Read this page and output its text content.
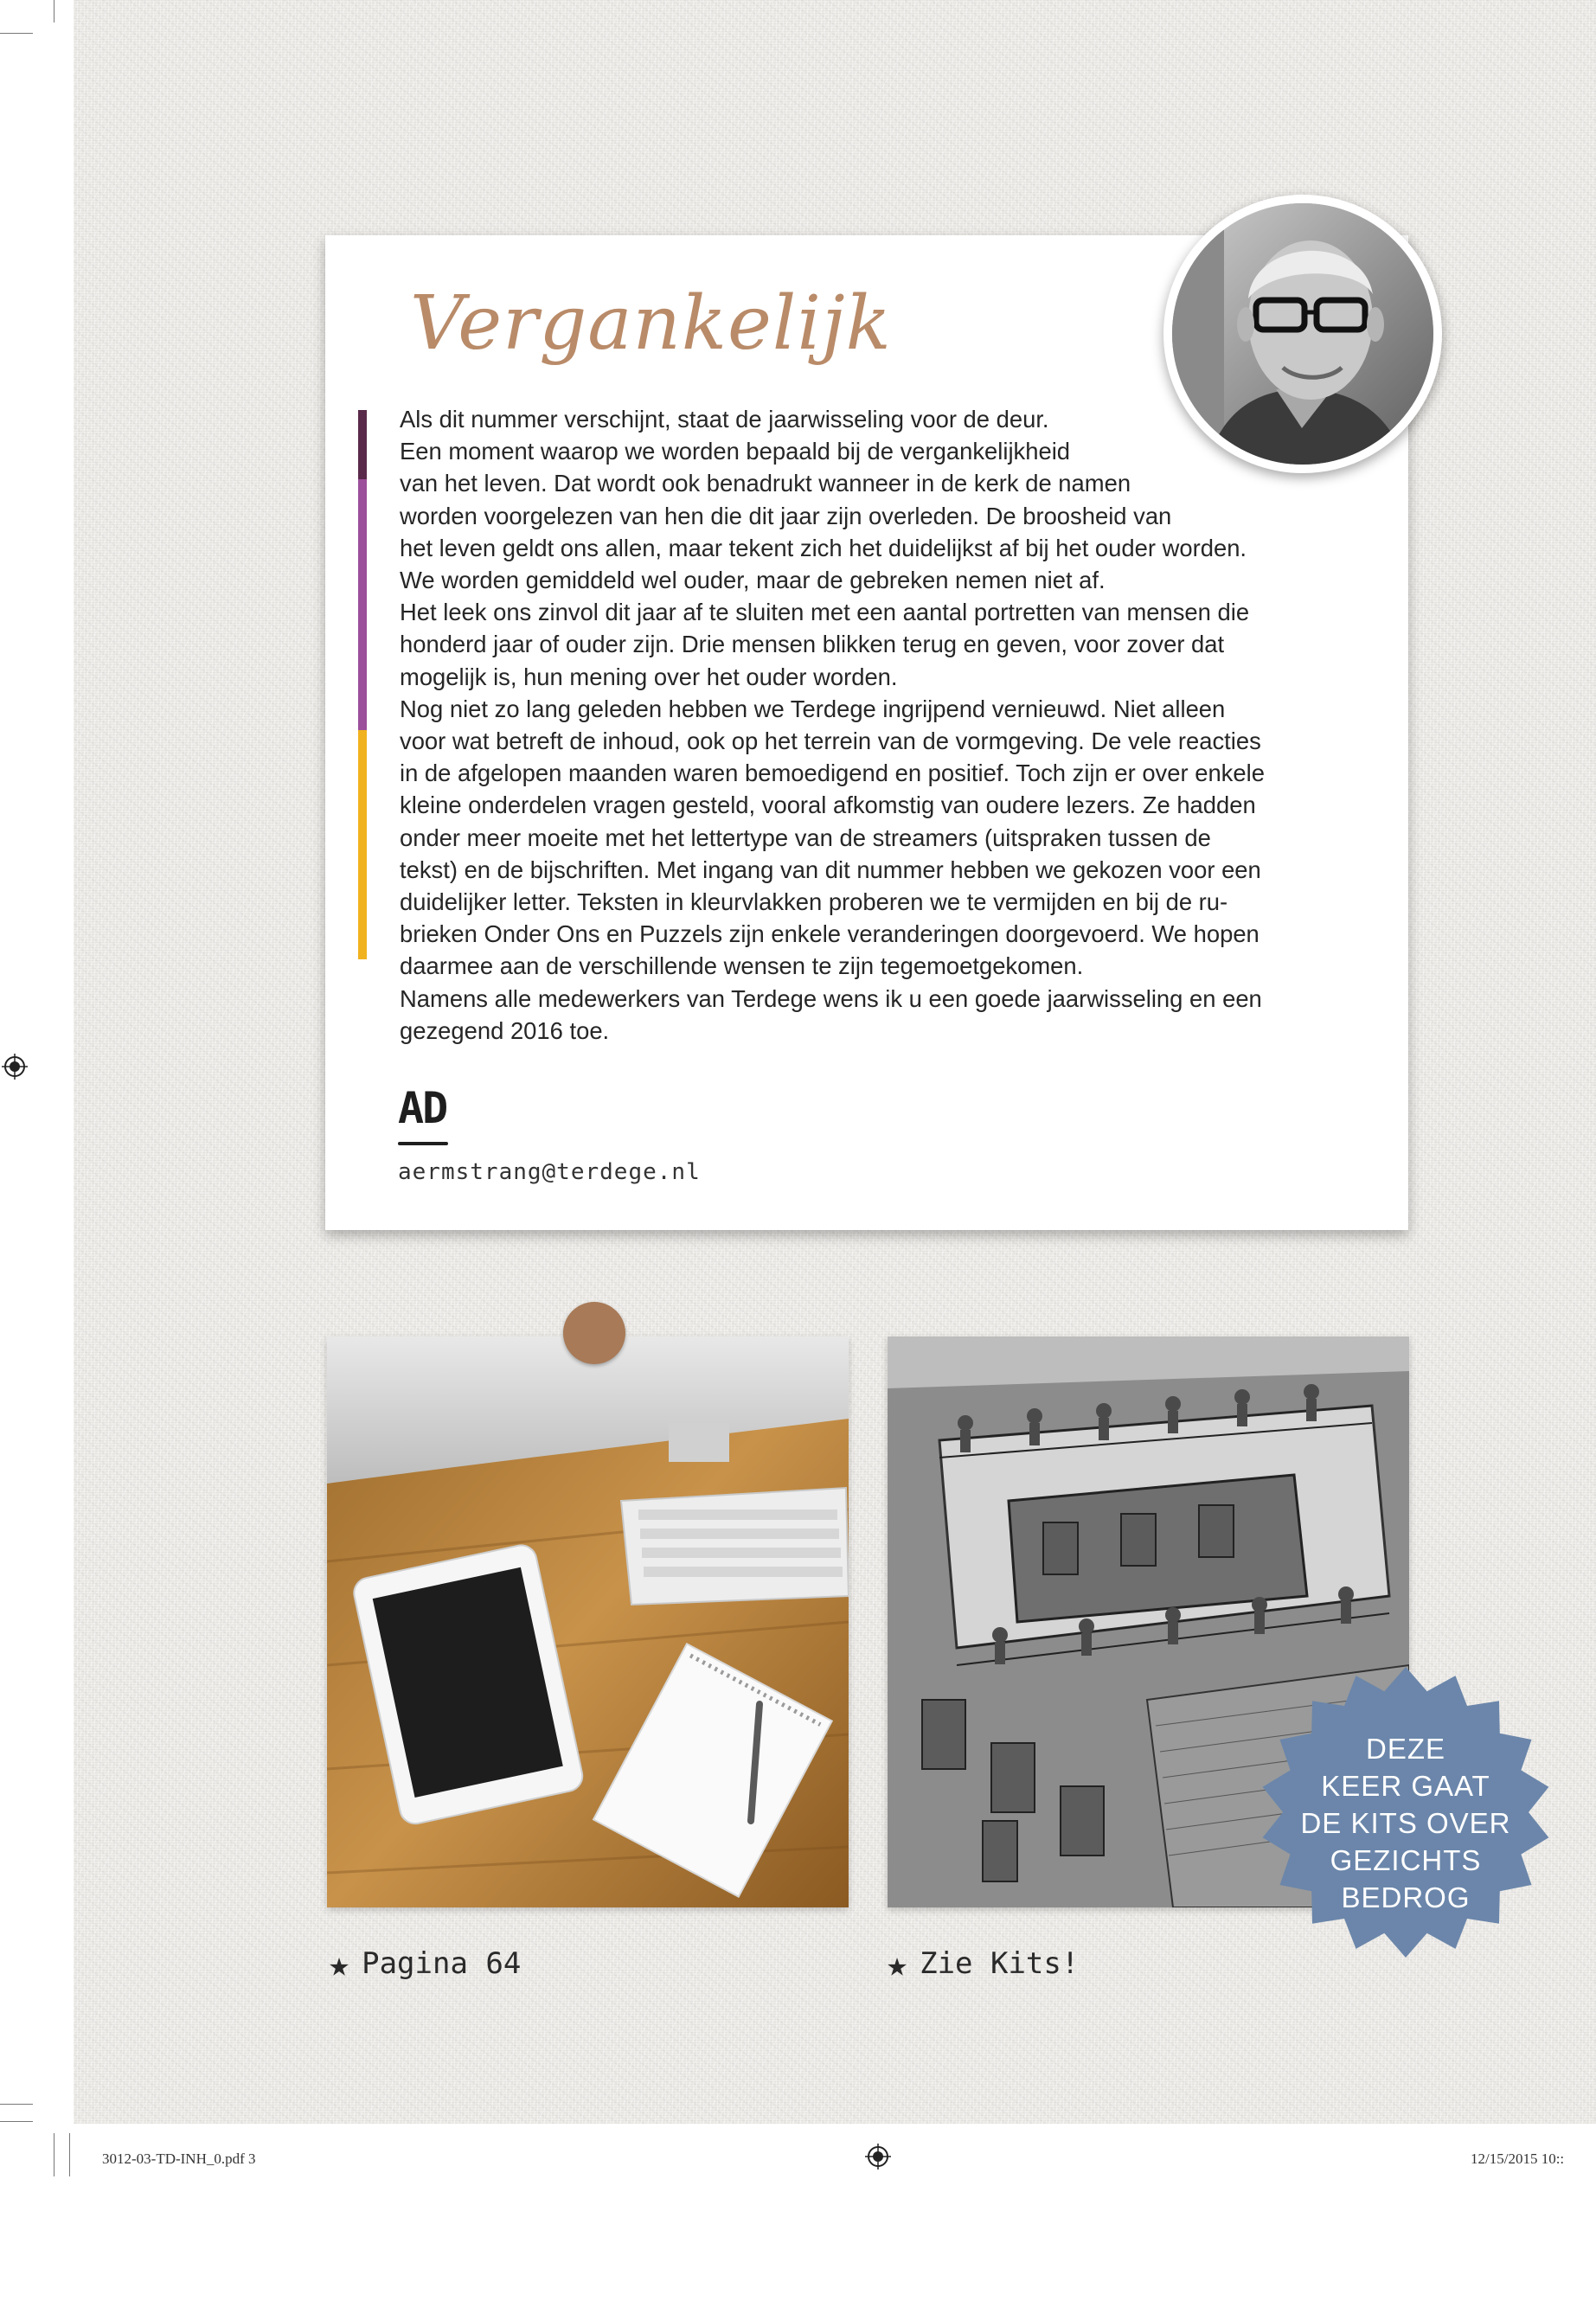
Vergankelijk
Als dit nummer verschijnt, staat de jaarwisseling voor de deur.
Een moment waarop we worden bepaald bij de vergankelijkheid
van het leven. Dat wordt ook benadrukt wanneer in de kerk de namen
worden voorgelezen van hen die dit jaar zijn overleden. De broosheid van
het leven geldt ons allen, maar tekent zich het duidelijkst af bij het ouder worden.
We worden gemiddeld wel ouder, maar de gebreken nemen niet af.
Het leek ons zinvol dit jaar af te sluiten met een aantal portretten van mensen die
honderd jaar of ouder zijn. Drie mensen blikken terug en geven, voor zover dat
mogelijk is, hun mening over het ouder worden.
Nog niet zo lang geleden hebben we Terdege ingrijpend vernieuwd. Niet alleen
voor wat betreft de inhoud, ook op het terrein van de vormgeving. De vele reacties
in de afgelopen maanden waren bemoedigend en positief. Toch zijn er over enkele
kleine onderdelen vragen gesteld, vooral afkomstig van oudere lezers. Ze hadden
onder meer moeite met het lettertype van de streamers (uitspraken tussen de
tekst) en de bijschriften. Met ingang van dit nummer hebben we gekozen voor een
duidelijker letter. Teksten in kleurvlakken proberen we te vermijden en bij de ru-
brieken Onder Ons en Puzzels zijn enkele veranderingen doorgevoerd. We hopen
daarmee aan de verschillende wensen te zijn tegemoetgekomen.
Namens alle medewerkers van Terdege wens ik u een goede jaarwisseling en een
gezegend 2016 toe.
AD
aermstrang@terdege.nl
★ Pagina 64	★ Zie Kits!
DEZE
KEER GAAT
DE KITS OVER
GEZICHTS
BEDROG
3012-03-TD-INH_0.pdf 3	12/15/2015 10::
